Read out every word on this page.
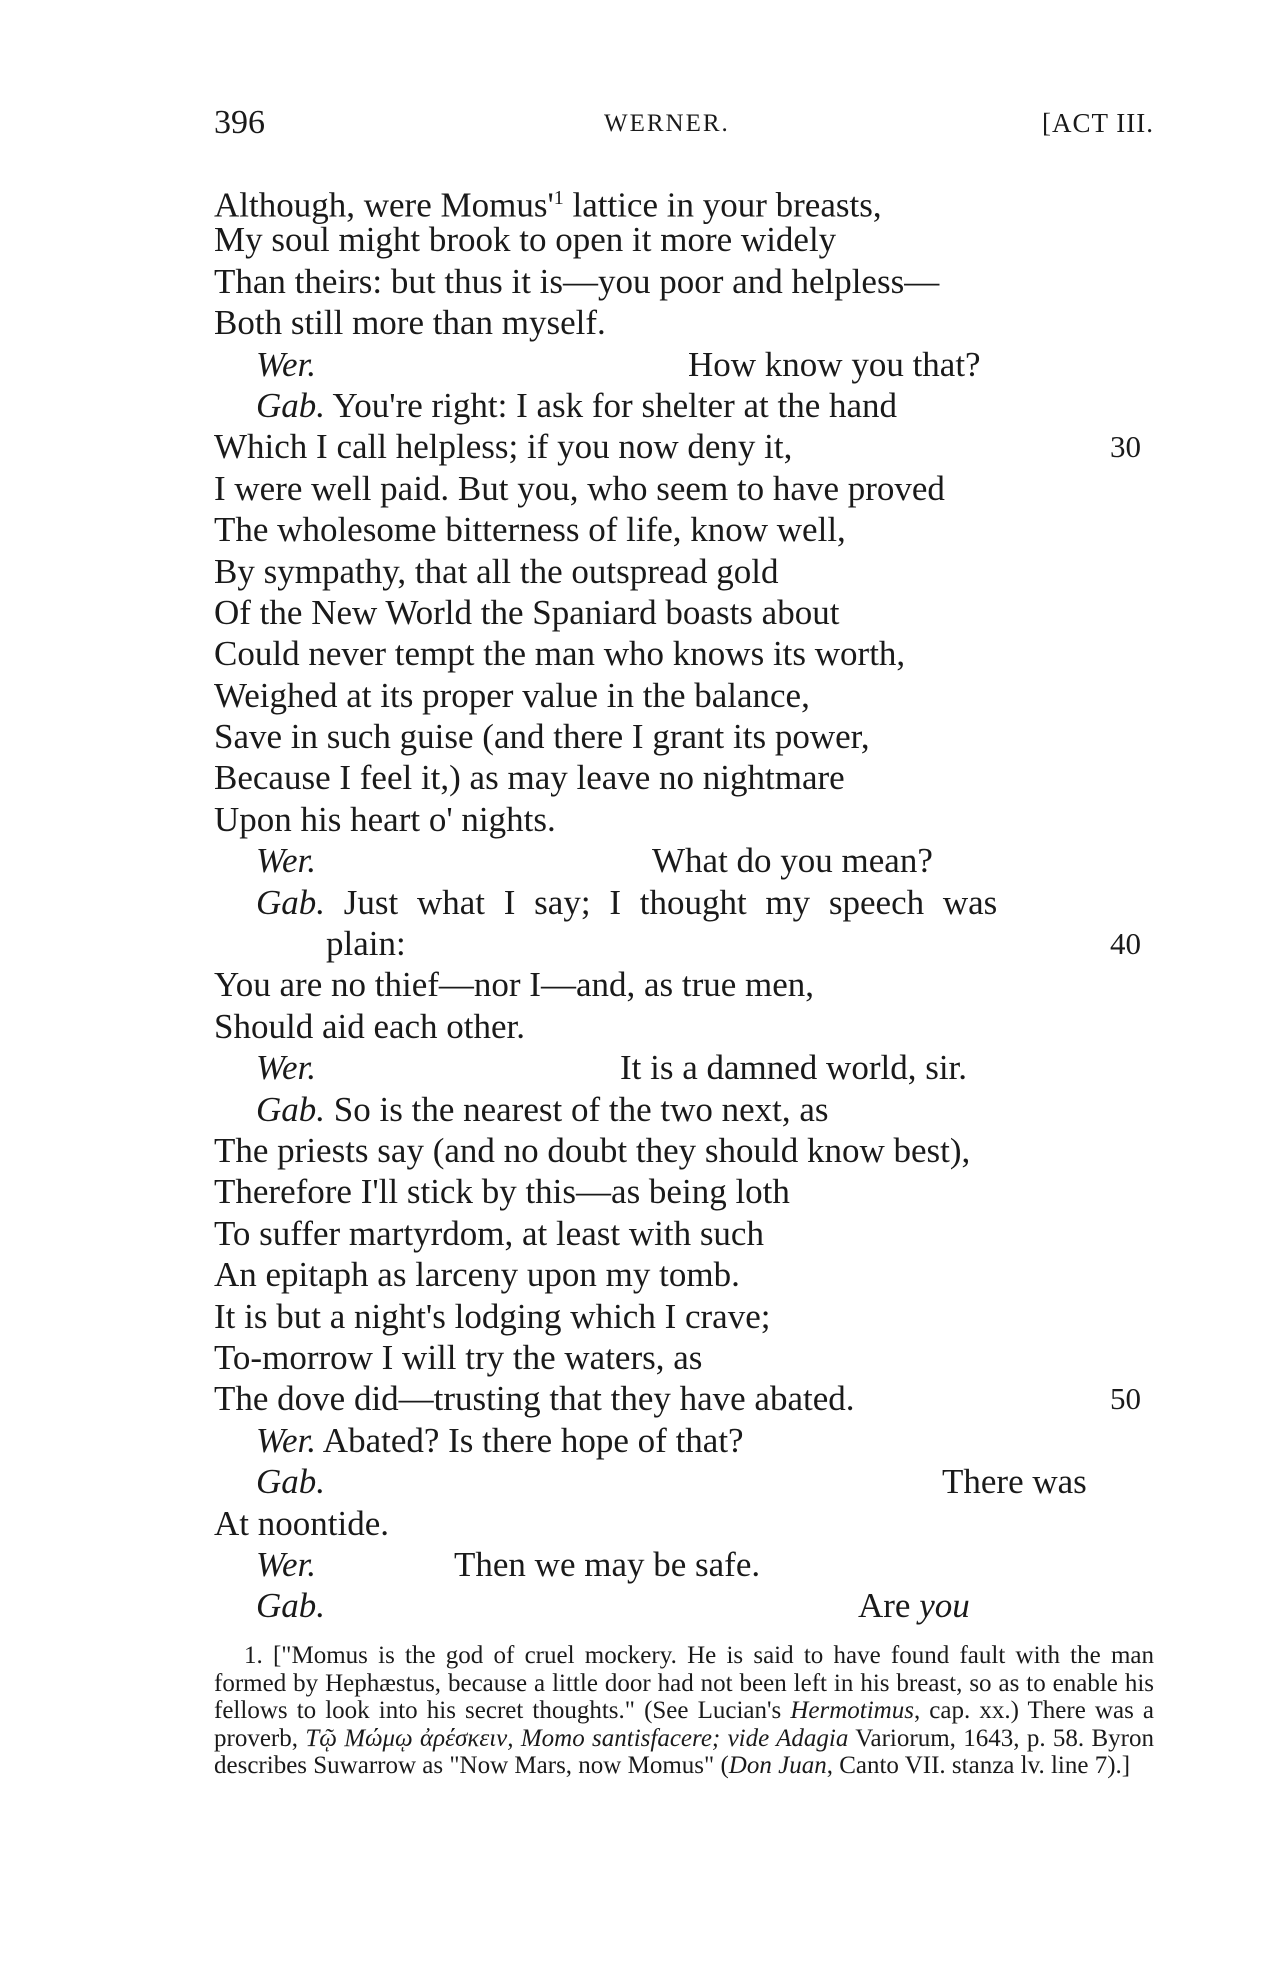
396	WERNER.	[ACT III.
Although, were $Momus'^1$ lattice in your breasts,
My soul might brook to open it more widely
Than theirs: but thus it is—you poor and helpless—
Both still more than myself.
Wer.	How know you that?
Gab. You're right: I ask for shelter at the hand
Which I call helpless; if you now deny it,	30
I were well paid. But you, who seem to have proved
The wholesome bitterness of life, know well,
By sympathy, that all the outspread gold
Of the New World the Spaniard boasts about
Could never tempt the man who knows its worth,
Weighed at its proper value in the balance,
Save in such guise (and there I grant its power,
Because I feel it,) as may leave no nightmare
Upon his heart o' nights.
Wer.	What do you mean?
Gab. Just what I say; I thought my speech was
plain:	40
You are no thief—nor I—and, as true men,
Should aid each other.
Wer.	It is a damned world, sir.
Gab. So is the nearest of the two next, as
The priests say (and no doubt they should know best),
Therefore I'll stick by this—as being loth
To suffer martyrdom, at least with such
An epitaph as larceny upon my tomb.
It is but a night's lodging which I crave;
To-morrow I will try the waters, as
The dove did—trusting that they have abated.	50
Wer. Abated? Is there hope of that?
Gab.	There was
At noontide.
Wer.	Then we may be safe.
Gab.	Are you

1. ["Momus is the god of cruel mockery. He is said to have found fault with the man formed by Hephæstus, because a little door had not been left in his breast, so as to enable his fellows to look into his secret thoughts." (See Lucian's Hermotimus, cap. xx.) There was a proverb, Τῷ Μώμῳ ἀρέσκειν, Momo santisfacere; vide Adagia Variorum, 1643, p. 58. Byron describes Suwarrow as "Now Mars, now Momus" (Don Juan, Canto VII. stanza lv. line 7).]
